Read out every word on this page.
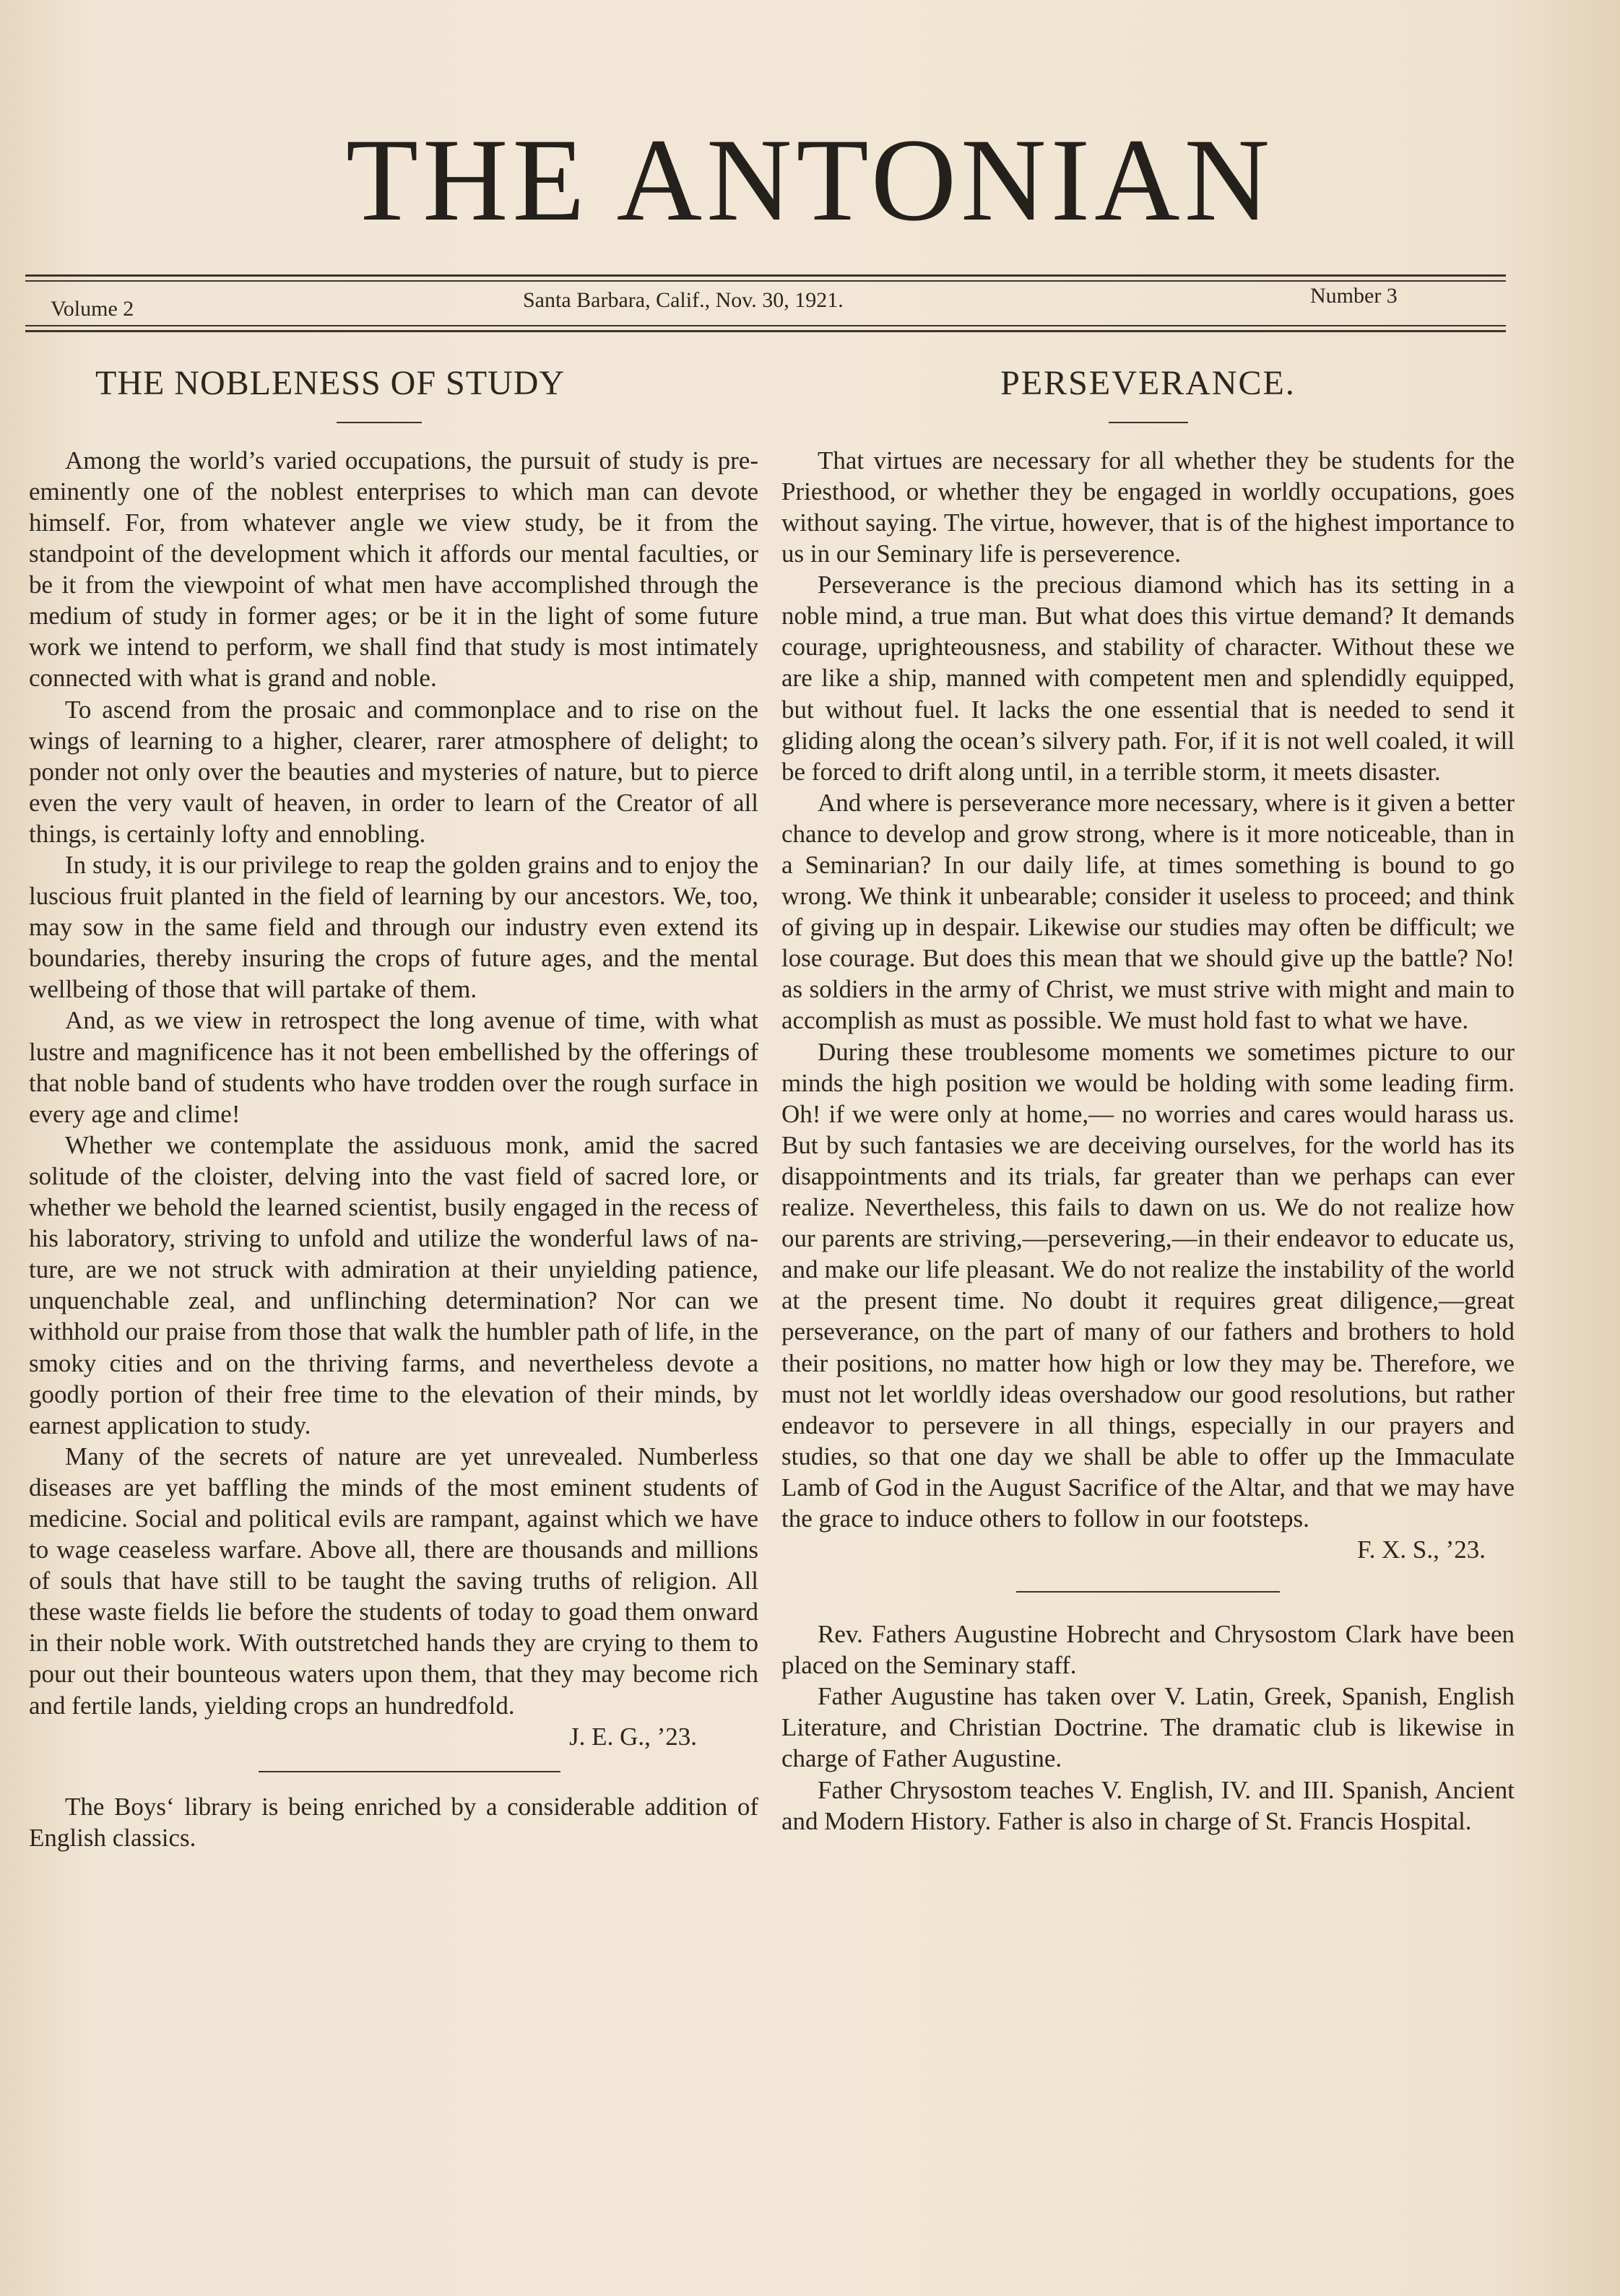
THE ANTONIAN
Volume 2	Santa Barbara, Calif., Nov. 30, 1921.	Number 3
THE NOBLENESS OF STUDY

Among the world’s varied occupations, the pursuit of study is pre-eminently one of the noblest enterprises to which man can devote himself. For, from whatever angle we view study, be it from the standpoint of the development which it affords our mental faculties, or be it from the viewpoint of what men have accomplished through the medium of study in former ages; or be it in the light of some future work we intend to perform, we shall find that study is most intimately connected with what is grand and noble.

To ascend from the prosaic and commonplace and to rise on the wings of learning to a higher, clearer, rarer atmosphere of delight; to ponder not only over the beauties and mysteries of nature, but to pierce even the very vault of heaven, in order to learn of the Creator of all things, is certainly lofty and ennobling.

In study, it is our privilege to reap the golden grains and to enjoy the luscious fruit planted in the field of learning by our ancestors. We, too, may sow in the same field and through our industry even extend its boundaries, thereby insuring the crops of future ages, and the mental wellbeing of those that will partake of them.

And, as we view in retrospect the long avenue of time, with what lustre and magnificence has it not been embellished by the offerings of that noble band of students who have trodden over the rough surface in every age and clime!

Whether we contemplate the assiduous monk, amid the sacred solitude of the cloister, delving into the vast field of sacred lore, or whether we behold the learned scientist, busily engaged in the recess of his laboratory, striving to unfold and utilize the wonderful laws of nature, are we not struck with admiration at their unyielding patience, unquenchable zeal, and unflinching determination? Nor can we withhold our praise from those that walk the humbler path of life, in the smoky cities and on the thriving farms, and nevertheless devote a goodly portion of their free time to the elevation of their minds, by earnest application to study.

Many of the secrets of nature are yet unrevealed. Numberless diseases are yet baffling the minds of the most eminent students of medicine. Social and political evils are rampant, against which we have to wage ceaseless warfare. Above all, there are thousands and millions of souls that have still to be taught the saving truths of religion. All these waste fields lie before the students of today to goad them onward in their noble work. With outstretched hands they are crying to them to pour out their bounteous waters upon them, that they may become rich and fertile lands, yielding crops an hundredfold.

J. E. G., ’23.

The Boys‘ library is being enriched by a considerable addition of English classics.

PERSEVERANCE.

That virtues are necessary for all whether they be students for the Priesthood, or whether they be engaged in worldly occupations, goes without saying. The virtue, however, that is of the highest importance to us in our Seminary life is perseverence.

Perseverance is the precious diamond which has its setting in a noble mind, a true man. But what does this virtue demand? It demands courage, uprighteousness, and stability of character. Without these we are like a ship, manned with competent men and splendidly equipped, but without fuel. It lacks the one essential that is needed to send it gliding along the ocean’s silvery path. For, if it is not well coaled, it will be forced to drift along until, in a terrible storm, it meets disaster.

And where is perseverance more necessary, where is it given a better chance to develop and grow strong, where is it more noticeable, than in a Seminarian? In our daily life, at times something is bound to go wrong. We think it unbearable; consider it useless to proceed; and think of giving up in despair. Likewise our studies may often be difficult; we lose courage. But does this mean that we should give up the battle? No! as soldiers in the army of Christ, we must strive with might and main to accomplish as must as possible. We must hold fast to what we have.

During these troublesome moments we sometimes picture to our minds the high position we would be holding with some leading firm. Oh! if we were only at home,— no worries and cares would harass us. But by such fantasies we are deceiving ourselves, for the world has its disappointments and its trials, far greater than we perhaps can ever realize. Nevertheless, this fails to dawn on us. We do not realize how our parents are striving,—persevering,—in their endeavor to educate us, and make our life pleasant. We do not realize the instability of the world at the present time. No doubt it requires great diligence,—great perseverance, on the part of many of our fathers and brothers to hold their positions, no matter how high or low they may be. Therefore, we must not let worldly ideas overshadow our good resolutions, but rather endeavor to persevere in all things, especially in our prayers and studies, so that one day we shall be able to offer up the Immaculate Lamb of God in the August Sacrifice of the Altar, and that we may have the grace to induce others to follow in our footsteps.

F. X. S., ’23.

Rev. Fathers Augustine Hobrecht and Chrysostom Clark have been placed on the Seminary staff.

Father Augustine has taken over V. Latin, Greek, Spanish, English Literature, and Christian Doctrine. The dramatic club is likewise in charge of Father Augustine.

Father Chrysostom teaches V. English, IV. and III. Spanish, Ancient and Modern History. Father is also in charge of St. Francis Hospital.
